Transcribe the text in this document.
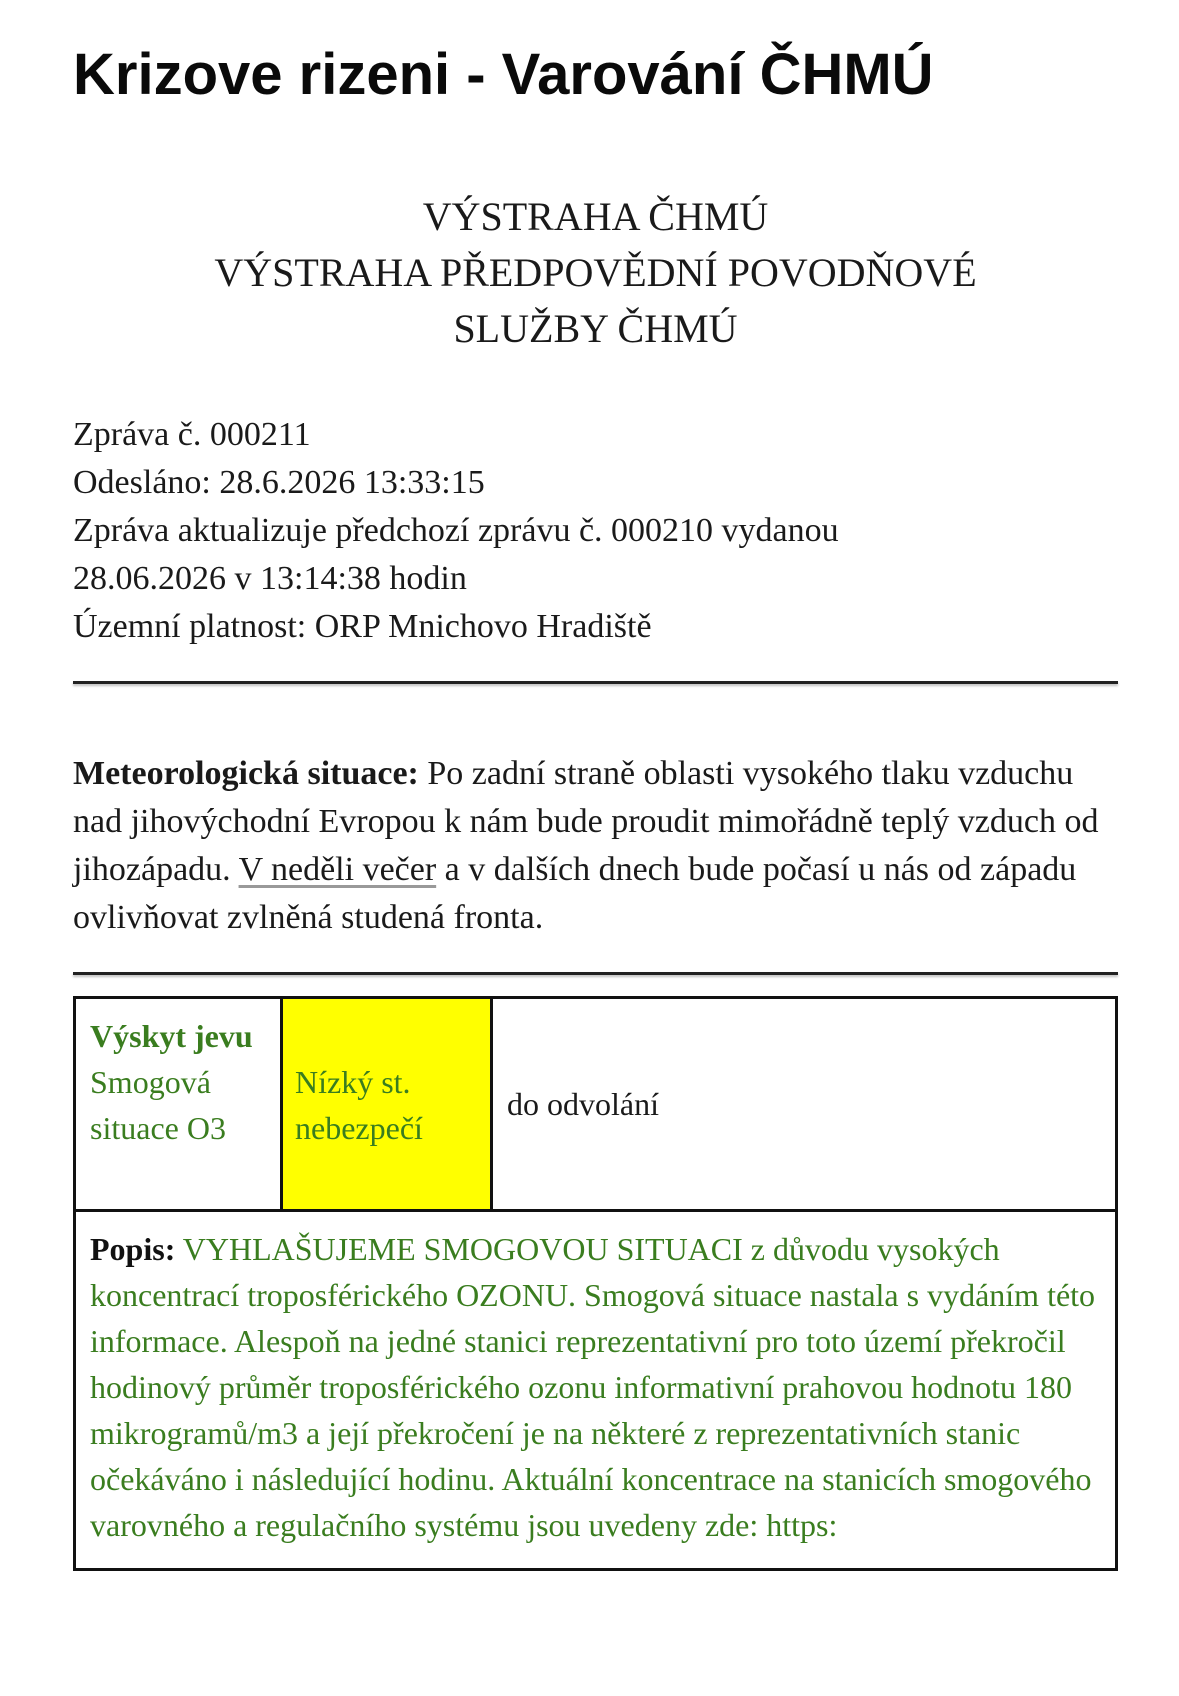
Krizove rizeni - Varování ČHMÚ
VÝSTRAHA ČHMÚ
VÝSTRAHA PŘEDPOVĚDNÍ POVODŇOVÉ
SLUŽBY ČHMÚ
Zpráva č. 000211
Odesláno: 28.6.2026 13:33:15
Zpráva aktualizuje předchozí zprávu č. 000210 vydanou
28.06.2026 v 13:14:38 hodin
Územní platnost: ORP Mnichovo Hradiště
Meteorologická situace: Po zadní straně oblasti vysokého tlaku vzduchu nad jihovýchodní Evropou k nám bude proudit mimořádně teplý vzduch od jihozápadu. V neděli večer a v dalších dnech bude počasí u nás od západu ovlivňovat zvlněná studená fronta.
Výskyt jevu
Smogová situace O3
Nízký st. nebezpečí
do odvolání
Popis: VYHLAŠUJEME SMOGOVOU SITUACI z důvodu vysokých koncentrací troposférického OZONU. Smogová situace nastala s vydáním této informace. Alespoň na jedné stanici reprezentativní pro toto území překročil hodinový průměr troposférického ozonu informativní prahovou hodnotu 180 mikrogramů/m3 a její překročení je na některé z reprezentativních stanic očekáváno i následující hodinu. Aktuální koncentrace na stanicích smogového varovného a regulačního systému jsou uvedeny zde: https:
